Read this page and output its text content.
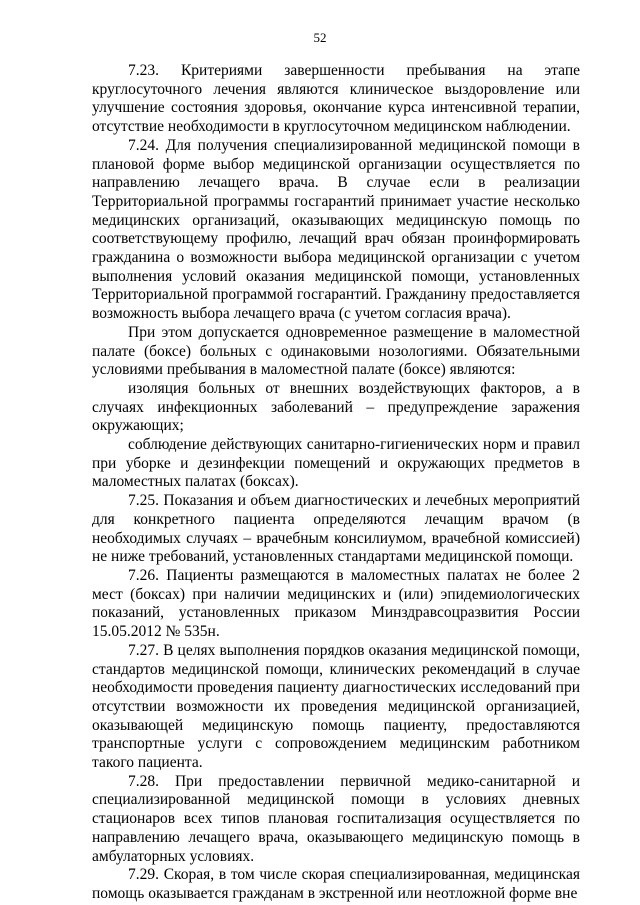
52

7.23. Критериями завершенности пребывания на этапе круглосуточного лечения являются клиническое выздоровление или улучшение состояния здоровья, окончание курса интенсивной терапии, отсутствие необходимости в круглосуточном медицинском наблюдении.

7.24. Для получения специализированной медицинской помощи в плановой форме выбор медицинской организации осуществляется по направлению лечащего врача. В случае если в реализации Территориальной программы госгарантий принимает участие несколько медицинских организаций, оказывающих медицинскую помощь по соответствующему профилю, лечащий врач обязан проинформировать гражданина о возможности выбора медицинской организации с учетом выполнения условий оказания медицинской помощи, установленных Территориальной программой госгарантий. Гражданину предоставляется возможность выбора лечащего врача (с учетом согласия врача).

При этом допускается одновременное размещение в маломестной палате (боксе) больных с одинаковыми нозологиями. Обязательными условиями пребывания в маломестной палате (боксе) являются:

изоляция больных от внешних воздействующих факторов, а в случаях инфекционных заболеваний – предупреждение заражения окружающих;

соблюдение действующих санитарно-гигиенических норм и правил при уборке и дезинфекции помещений и окружающих предметов в маломестных палатах (боксах).

7.25. Показания и объем диагностических и лечебных мероприятий для конкретного пациента определяются лечащим врачом (в необходимых случаях – врачебным консилиумом, врачебной комиссией) не ниже требований, установленных стандартами медицинской помощи.

7.26. Пациенты размещаются в маломестных палатах не более 2 мест (боксах) при наличии медицинских и (или) эпидемиологических показаний, установленных приказом Минздравсоцразвития России 15.05.2012 № 535н.

7.27. В целях выполнения порядков оказания медицинской помощи, стандартов медицинской помощи, клинических рекомендаций в случае необходимости проведения пациенту диагностических исследований при отсутствии возможности их проведения медицинской организацией, оказывающей медицинскую помощь пациенту, предоставляются транспортные услуги с сопровождением медицинским работником такого пациента.

7.28. При предоставлении первичной медико-санитарной и специализированной медицинской помощи в условиях дневных стационаров всех типов плановая госпитализация осуществляется по направлению лечащего врача, оказывающего медицинскую помощь в амбулаторных условиях.

7.29. Скорая, в том числе скорая специализированная, медицинская помощь оказывается гражданам в экстренной или неотложной форме вне
